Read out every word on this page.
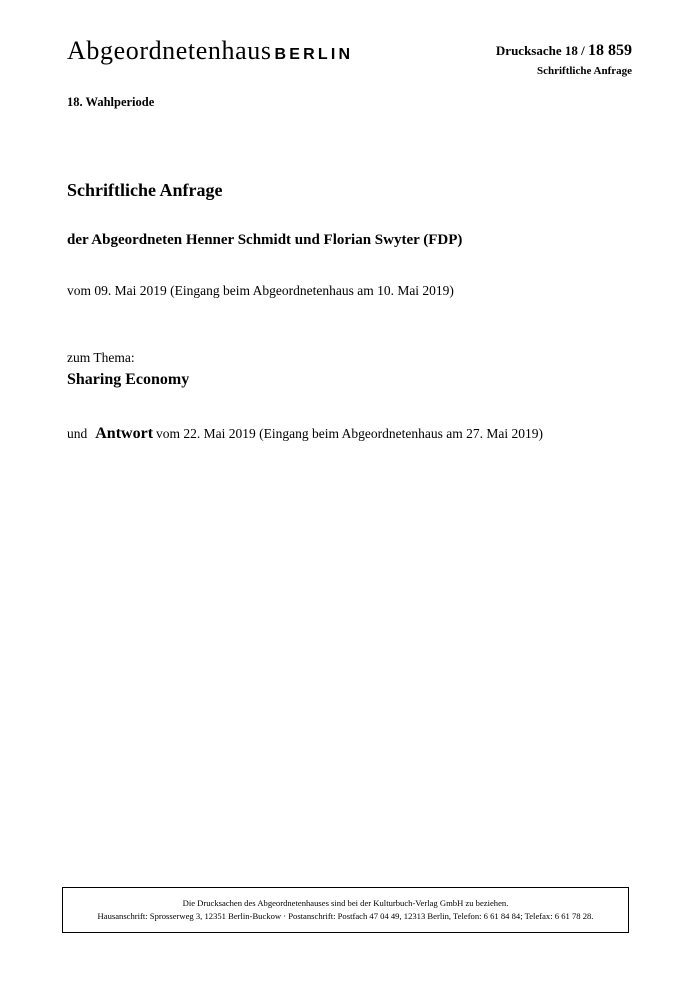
Abgeordnetenhaus BERLIN	Drucksache 18 / 18 859
Schriftliche Anfrage
18. Wahlperiode
Schriftliche Anfrage
der Abgeordneten Henner Schmidt und Florian Swyter (FDP)
vom 09. Mai 2019 (Eingang beim Abgeordnetenhaus am 10. Mai 2019)
zum Thema:
Sharing Economy
und Antwort vom 22. Mai 2019 (Eingang beim Abgeordnetenhaus am 27. Mai 2019)
Die Drucksachen des Abgeordnetenhauses sind bei der Kulturbuch-Verlag GmbH zu beziehen.
Hausanschrift: Sprosserweg 3, 12351 Berlin-Buckow · Postanschrift: Postfach 47 04 49, 12313 Berlin, Telefon: 6 61 84 84; Telefax: 6 61 78 28.
